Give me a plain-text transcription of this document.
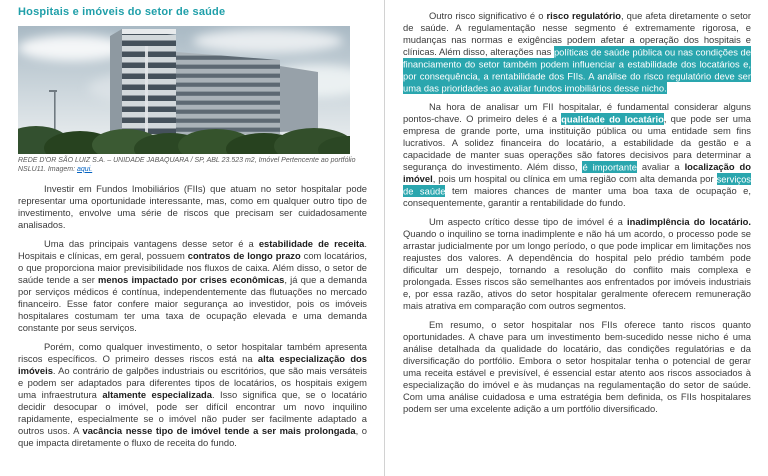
Hospitais e imóveis do setor de saúde

REDE D'OR SÃO LUIZ S.A. – UNIDADE JABAQUARA / SP, ABL 23.523 m2, Imóvel Pertencente ao portfólio NSLU11. Imagem: aqui.

Investir em Fundos Imobiliários (FIIs) que atuam no setor hospitalar pode representar uma oportunidade interessante, mas, como em qualquer outro tipo de investimento, envolve uma série de riscos que precisam ser cuidadosamente analisados.

Uma das principais vantagens desse setor é a estabilidade de receita. Hospitais e clínicas, em geral, possuem contratos de longo prazo com locatários, o que proporciona maior previsibilidade nos fluxos de caixa. Além disso, o setor de saúde tende a ser menos impactado por crises econômicas, já que a demanda por serviços médicos é contínua, independentemente das flutuações no mercado financeiro. Esse fator confere maior segurança ao investidor, pois os imóveis hospitalares costumam ter uma taxa de ocupação elevada e uma demanda constante por seus serviços.

Porém, como qualquer investimento, o setor hospitalar também apresenta riscos específicos. O primeiro desses riscos está na alta especialização dos imóveis. Ao contrário de galpões industriais ou escritórios, que são mais versáteis e podem ser adaptados para diferentes tipos de locatários, os hospitais exigem uma infraestrutura altamente especializada. Isso significa que, se o locatário decidir desocupar o imóvel, pode ser difícil encontrar um novo inquilino rapidamente, especialmente se o imóvel não puder ser facilmente adaptado a outros usos. A vacância nesse tipo de imóvel tende a ser mais prolongada, o que impacta diretamente o fluxo de receita do fundo.

Outro risco significativo é o risco regulatório, que afeta diretamente o setor de saúde. A regulamentação nesse segmento é extremamente rigorosa, e mudanças nas normas e exigências podem afetar a operação dos hospitais e clínicas. Além disso, alterações nas políticas de saúde pública ou nas condições de financiamento do setor também podem influenciar a estabilidade dos locatários e, por consequência, a rentabilidade dos FIIs. A análise do risco regulatório deve ser uma das prioridades ao avaliar fundos imobiliários desse nicho.

Na hora de analisar um FII hospitalar, é fundamental considerar alguns pontos-chave. O primeiro deles é a qualidade do locatário, que pode ser uma empresa de grande porte, uma instituição pública ou uma entidade sem fins lucrativos. A solidez financeira do locatário, a estabilidade da gestão e a capacidade de manter suas operações são fatores decisivos para determinar a segurança do investimento. Além disso, é importante avaliar a localização do imóvel, pois um hospital ou clínica em uma região com alta demanda por serviços de saúde tem maiores chances de manter uma boa taxa de ocupação e, consequentemente, garantir a rentabilidade do fundo.

Um aspecto crítico desse tipo de imóvel é a inadimplência do locatário. Quando o inquilino se torna inadimplente e não há um acordo, o processo pode se arrastar judicialmente por um longo período, o que pode implicar em limitações nos reajustes dos valores. A dependência do hospital pelo prédio também pode dificultar um despejo, tornando a resolução do conflito mais complexa e prolongada. Esses riscos são semelhantes aos enfrentados por imóveis industriais e, por essa razão, ativos do setor hospitalar geralmente oferecem remuneração mais atrativa em comparação com outros segmentos.

Em resumo, o setor hospitalar nos FIIs oferece tanto riscos quanto oportunidades. A chave para um investimento bem-sucedido nesse nicho é uma análise detalhada da qualidade do locatário, das condições regulatórias e da diversificação do portfólio. Embora o setor hospitalar tenha o potencial de gerar uma receita estável e previsível, é essencial estar atento aos riscos associados à especialização do imóvel e às mudanças na regulamentação do setor de saúde. Com uma análise cuidadosa e uma estratégia bem definida, os FIIs hospitalares podem ser uma excelente adição a um portfólio diversificado.
